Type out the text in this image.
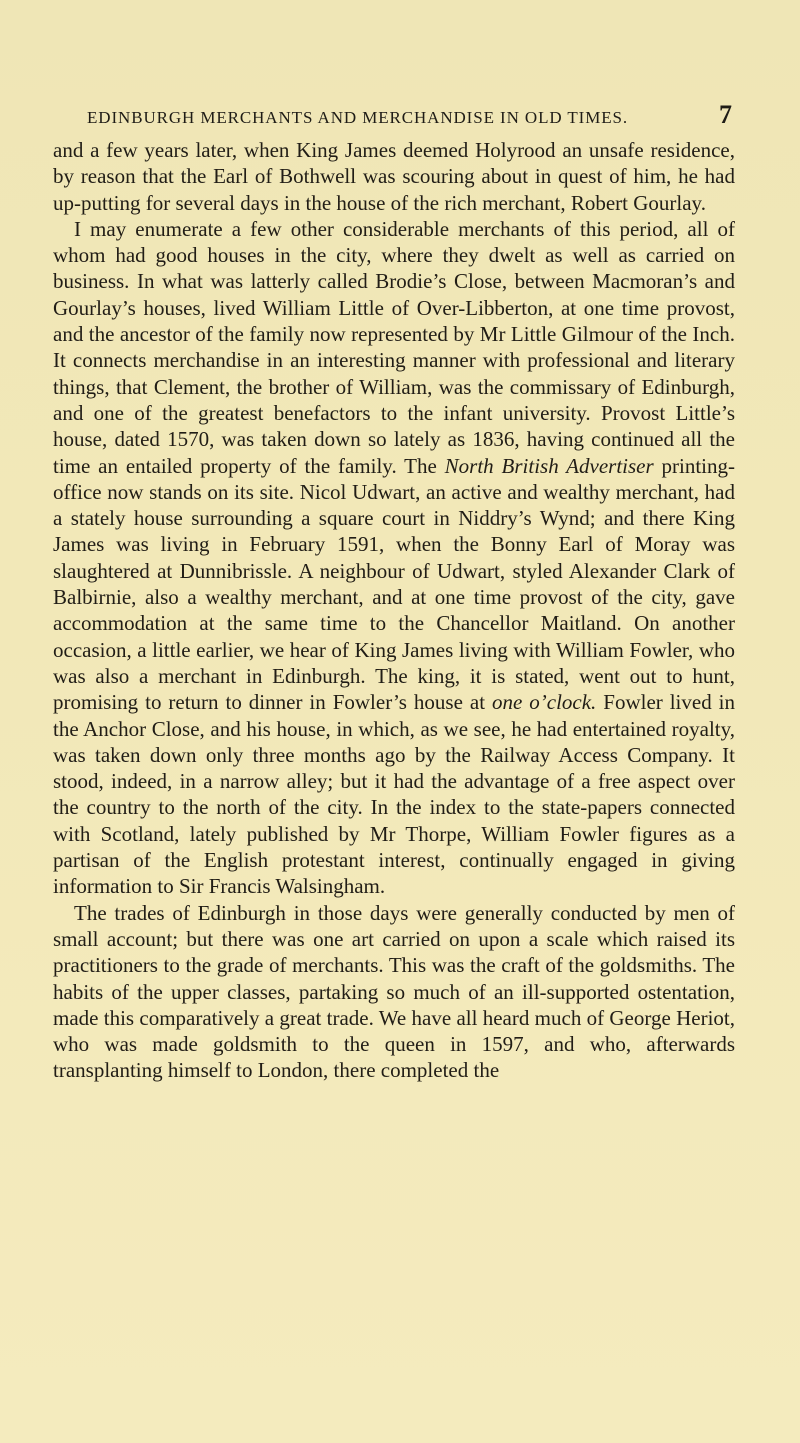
EDINBURGH MERCHANTS AND MERCHANDISE IN OLD TIMES.	7

and a few years later, when King James deemed Holyrood an unsafe residence, by reason that the Earl of Bothwell was scouring about in quest of him, he had up-putting for several days in the house of the rich merchant, Robert Gourlay.

I may enumerate a few other considerable merchants of this period, all of whom had good houses in the city, where they dwelt as well as carried on business. In what was latterly called Brodie’s Close, between Macmoran’s and Gourlay’s houses, lived William Little of Over-Libberton, at one time provost, and the ancestor of the family now represented by Mr Little Gilmour of the Inch. It connects merchandise in an interesting manner with professional and literary things, that Clement, the brother of William, was the commissary of Edinburgh, and one of the greatest benefactors to the infant university. Provost Little’s house, dated 1570, was taken down so lately as 1836, having continued all the time an entailed property of the family. The North British Advertiser printing-office now stands on its site. Nicol Udwart, an active and wealthy merchant, had a stately house surrounding a square court in Niddry’s Wynd; and there King James was living in February 1591, when the Bonny Earl of Moray was slaughtered at Dunnibrissle. A neighbour of Udwart, styled Alexander Clark of Balbirnie, also a wealthy merchant, and at one time provost of the city, gave accommodation at the same time to the Chancellor Maitland. On another occasion, a little earlier, we hear of King James living with William Fowler, who was also a merchant in Edinburgh. The king, it is stated, went out to hunt, promising to return to dinner in Fowler’s house at one o’clock. Fowler lived in the Anchor Close, and his house, in which, as we see, he had entertained royalty, was taken down only three months ago by the Railway Access Company. It stood, indeed, in a narrow alley; but it had the advantage of a free aspect over the country to the north of the city. In the index to the state-papers connected with Scotland, lately published by Mr Thorpe, William Fowler figures as a partisan of the English protestant interest, continually engaged in giving information to Sir Francis Walsingham.

The trades of Edinburgh in those days were generally conducted by men of small account; but there was one art carried on upon a scale which raised its practitioners to the grade of merchants. This was the craft of the goldsmiths. The habits of the upper classes, partaking so much of an ill-supported ostentation, made this comparatively a great trade. We have all heard much of George Heriot, who was made goldsmith to the queen in 1597, and who, afterwards transplanting himself to London, there completed the
